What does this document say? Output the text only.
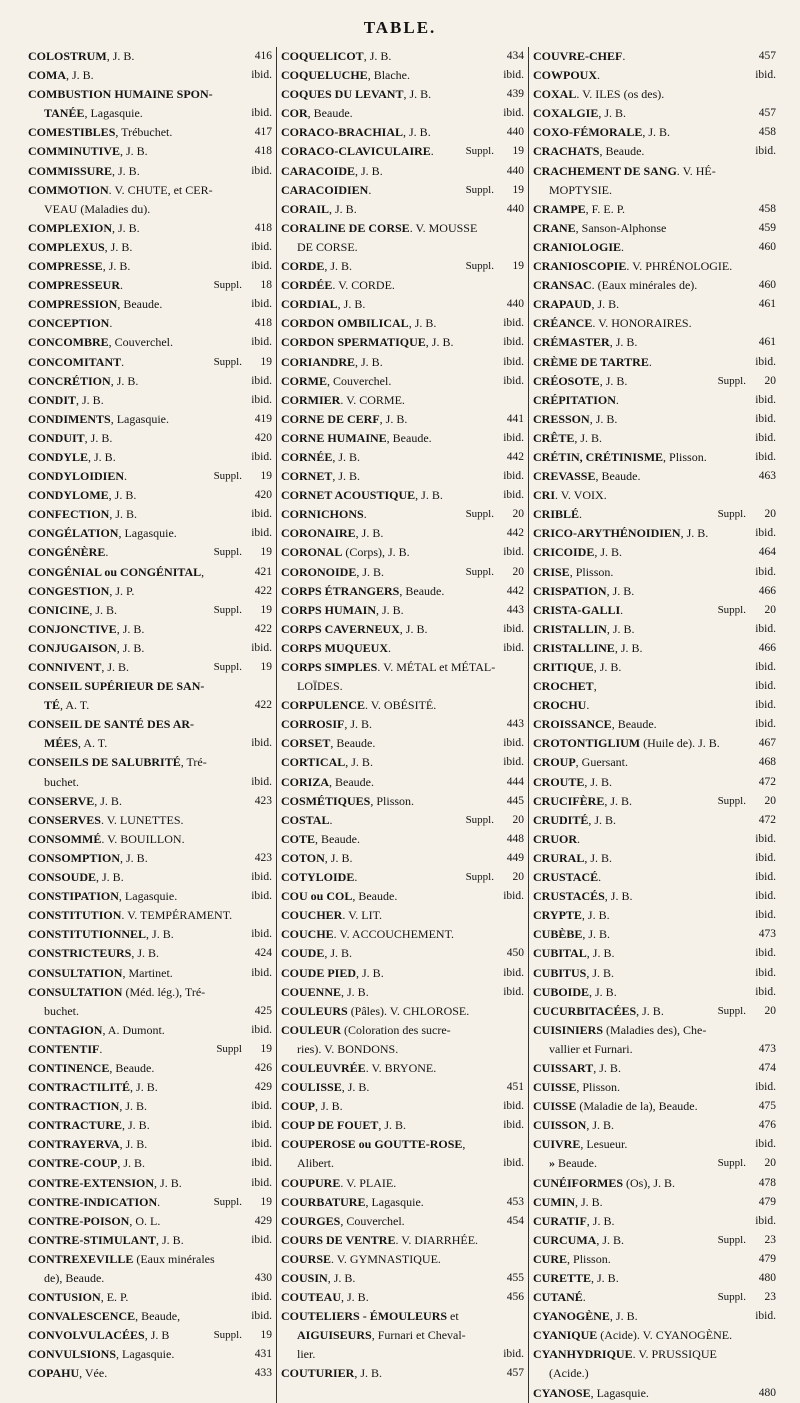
TABLE.
COLOSTRUM, J. B.	416
COMA, J. B.	ibid.
COMBUSTION HUMAINE SPON-
TANÉE, Lagasquie.	ibid.
COMESTIBLES, Trébuchet.	417
COMMINUTIVE, J. B.	418
COMMISSURE, J. B.	ibid.
COMMOTION. V. CHUTE, et CER-
VEAU (Maladies du).
COMPLEXION, J. B.	418
COMPLEXUS, J. B.	ibid.
COMPRESSE, J. B.	ibid.
COMPRESSEUR.	Suppl.	18
COMPRESSION, Beaude.	ibid.
CONCEPTION.	418
CONCOMBRE, Couverchel.	ibid.
CONCOMITANT.	Suppl.	19
CONCRÉTION, J. B.	ibid.
CONDIT, J. B.	ibid.
CONDIMENTS, Lagasquie.	419
CONDUIT, J. B.	420
CONDYLE, J. B.	ibid.
CONDYLOIDIEN.	Suppl.	19
CONDYLOME, J. B.	420
CONFECTION, J. B.	ibid.
CONGÉLATION, Lagasquie.	ibid.
CONGÉNÈRE.	Suppl.	19
CONGÉNIAL ou CONGÉNITAL,	421
CONGESTION, J. P.	422
CONICINE, J. B.	Suppl.	19
CONJONCTIVE, J. B.	422
CONJUGAISON, J. B.	ibid.
CONNIVENT, J. B.	Suppl.	19
CONSEIL SUPÉRIEUR DE SAN-
TÉ, A. T.	422
CONSEIL DE SANTÉ DES AR-
MÉES, A. T.	ibid.
CONSEILS DE SALUBRITÉ, Tré-
buchet.	ibid.
CONSERVE, J. B.	423
CONSERVES. V. LUNETTES.
CONSOMMÉ. V. BOUILLON.
CONSOMPTION, J. B.	423
CONSOUDE, J. B.	ibid.
CONSTIPATION, Lagasquie.	ibid.
CONSTITUTION. V. TEMPÉRAMENT.
CONSTITUTIONNEL, J. B.	ibid.
CONSTRICTEURS, J. B.	424
CONSULTATION, Martinet.	ibid.
CONSULTATION (Méd. lég.), Tré-
buchet.	425
CONTAGION, A. Dumont.	ibid.
CONTENTIF.	Suppl	19
CONTINENCE, Beaude.	426
CONTRACTILITÉ, J. B.	429
CONTRACTION, J. B.	ibid.
CONTRACTURE, J. B.	ibid.
CONTRAYERVA, J. B.	ibid.
CONTRE-COUP, J. B.	ibid.
CONTRE-EXTENSION, J. B.	ibid.
CONTRE-INDICATION.	Suppl.	19
CONTRE-POISON, O. L.	429
CONTRE-STIMULANT, J. B.	ibid.
CONTREXEVILLE (Eaux minérales
de), Beaude.	430
CONTUSION, E. P.	ibid.
CONVALESCENCE, Beaude,	ibid.
CONVOLVULACÉES, J. B	Suppl.	19
CONVULSIONS, Lagasquie.	431
COPAHU, Vée.	433
COQUELICOT, J. B.	434
COQUELUCHE, Blache.	ibid.
COQUES DU LEVANT, J. B.	439
COR, Beaude.	ibid.
CORACO-BRACHIAL, J. B.	440
CORACO-CLAVICULAIRE.	Suppl.	19
CARACOIDE, J. B.	440
CARACOIDIEN.	Suppl.	19
CORAIL, J. B.	440
CORALINE DE CORSE. V. MOUSSE
DE CORSE.
CORDE, J. B.	Suppl.	19
CORDÉE. V. CORDE.
CORDIAL, J. B.	440
CORDON OMBILICAL, J. B.	ibid.
CORDON SPERMATIQUE, J. B.	ibid.
CORIANDRE, J. B.	ibid.
CORME, Couverchel.	ibid.
CORMIER. V. CORME.
CORNE DE CERF, J. B.	441
CORNE HUMAINE, Beaude.	ibid.
CORNÉE, J. B.	442
CORNET, J. B.	ibid.
CORNET ACOUSTIQUE, J. B.	ibid.
CORNICHONS.	Suppl.	20
CORONAIRE, J. B.	442
CORONAL (Corps), J. B.	ibid.
CORONOIDE, J. B.	Suppl.	20
CORPS ÉTRANGERS, Beaude.	442
CORPS HUMAIN, J. B.	443
CORPS CAVERNEUX, J. B.	ibid.
CORPS MUQUEUX.	ibid.
CORPS SIMPLES. V. MÉTAL et MÉTAL-
LOÏDES.
CORPULENCE. V. OBÉSITÉ.
CORROSIF, J. B.	443
CORSET, Beaude.	ibid.
CORTICAL, J. B.	ibid.
CORIZA, Beaude.	444
COSMÉTIQUES, Plisson.	445
COSTAL.	Suppl.	20
COTE, Beaude.	448
COTON, J. B.	449
COTYLOIDE.	Suppl.	20
COU ou COL, Beaude.	ibid.
COUCHER. V. LIT.
COUCHE. V. ACCOUCHEMENT.
COUDE, J. B.	450
COUDE PIED, J. B.	ibid.
COUENNE, J. B.	ibid.
COULEURS (Pâles). V. CHLOROSE.
COULEUR (Coloration des sucre-
ries). V. BONDONS.
COULEUVRÉE. V. BRYONE.
COULISSE, J. B.	451
COUP, J. B.	ibid.
COUP DE FOUET, J. B.	ibid.
COUPEROSE ou GOUTTE-ROSE,
Alibert.	ibid.
COUPURE. V. PLAIE.
COURBATURE, Lagasquie.	453
COURGES, Couverchel.	454
COURS DE VENTRE. V. DIARRHÉE.
COURSE. V. GYMNASTIQUE.
COUSIN, J. B.	455
COUTEAU, J. B.	456
COUTELIERS - ÉMOULEURS et
AIGUISEURS, Furnari et Cheval-
lier.	ibid.
COUTURIER, J. B.	457
COUVRE-CHEF.	457
COWPOUX.	ibid.
COXAL. V. ILES (os des).
COXALGIE, J. B.	457
COXO-FÉMORALE, J. B.	458
CRACHATS, Beaude.	ibid.
CRACHEMENT DE SANG. V. HÉ-
MOPTYSIE.
CRAMPE, F. E. P.	458
CRANE, Sanson-Alphonse	459
CRANIOLOGIE.	460
CRANIOSCOPIE. V. PHRÉNOLOGIE.
CRANSAC. (Eaux minérales de).	460
CRAPAUD, J. B.	461
CRÉANCE. V. HONORAIRES.
CRÉMASTER, J. B.	461
CRÈME DE TARTRE.	ibid.
CRÉOSOTE, J. B.	Suppl.	20
CRÉPITATION.	ibid.
CRESSON, J. B.	ibid.
CRÊTE, J. B.	ibid.
CRÉTIN, CRÉTINISME, Plisson.	ibid.
CREVASSE, Beaude.	463
CRI. V. VOIX.
CRIBLÉ.	Suppl.	20
CRICO-ARYTHÉNOIDIEN, J. B.	ibid.
CRICOIDE, J. B.	464
CRISE, Plisson.	ibid.
CRISPATION, J. B.	466
CRISTA-GALLI.	Suppl.	20
CRISTALLIN, J. B.	ibid.
CRISTALLINE, J. B.	466
CRITIQUE, J. B.	ibid.
CROCHET,	ibid.
CROCHU.	ibid.
CROISSANCE, Beaude.	ibid.
CROTONTIGLIUM (Huile de). J. B.	467
CROUP, Guersant.	468
CROUTE, J. B.	472
CRUCIFÈRE, J. B.	Suppl.	20
CRUDITÉ, J. B.	472
CRUOR.	ibid.
CRURAL, J. B.	ibid.
CRUSTACÉ.	ibid.
CRUSTACÉS, J. B.	ibid.
CRYPTE, J. B.	ibid.
CUBÈBE, J. B.	473
CUBITAL, J. B.	ibid.
CUBITUS, J. B.	ibid.
CUBOIDE, J. B.	ibid.
CUCURBITACÉES, J. B.	Suppl.	20
CUISINIERS (Maladies des), Che-
vallier et Furnari.	473
CUISSART, J. B.	474
CUISSE, Plisson.	ibid.
CUISSE (Maladie de la), Beaude.	475
CUISSON, J. B.	476
CUIVRE, Lesueur.	ibid.
» Beaude.	Suppl.	20
CUNÉIFORMES (Os), J. B.	478
CUMIN, J. B.	479
CURATIF, J. B.	ibid.
CURCUMA, J. B.	Suppl.	23
CURE, Plisson.	479
CURETTE, J. B.	480
CUTANÉ.	Suppl.	23
CYANOGÈNE, J. B.	ibid.
CYANIQUE (Acide). V. CYANOGÈNE.
CYANHYDRIQUE. V. PRUSSIQUE
(Acide.)
CYANOSE, Lagasquie.	480
